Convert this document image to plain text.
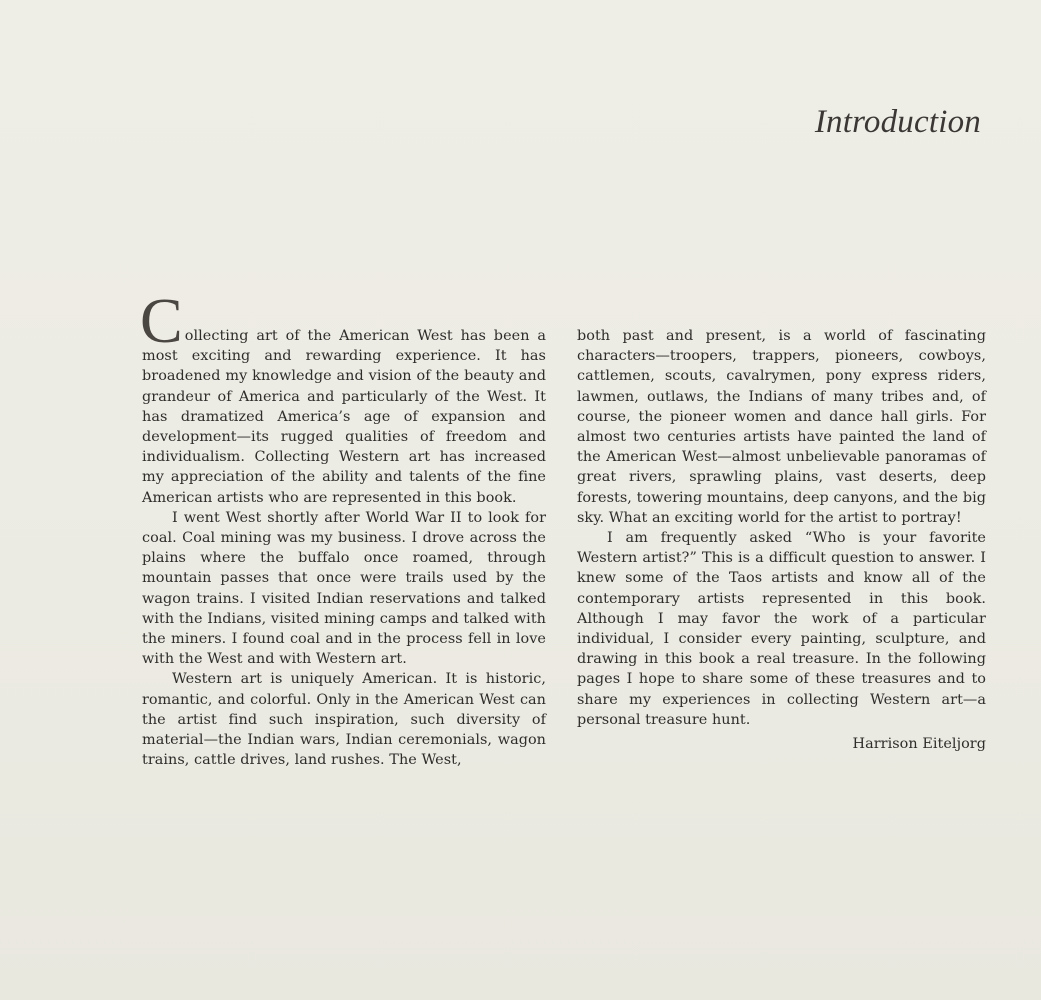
Introduction

Collecting art of the American West has been a most exciting and rewarding experience. It has broadened my knowledge and vision of the beauty and grandeur of America and particularly of the West. It has dramatized America’s age of expansion and development—its rugged qualities of freedom and individualism. Collecting Western art has increased my appreciation of the ability and talents of the fine American artists who are represented in this book.

I went West shortly after World War II to look for coal. Coal mining was my business. I drove across the plains where the buffalo once roamed, through mountain passes that once were trails used by the wagon trains. I visited Indian reservations and talked with the Indians, visited mining camps and talked with the miners. I found coal and in the process fell in love with the West and with Western art.

Western art is uniquely American. It is historic, romantic, and colorful. Only in the American West can the artist find such inspiration, such diversity of material—the Indian wars, Indian ceremonials, wagon trains, cattle drives, land rushes. The West,

both past and present, is a world of fascinating characters—troopers, trappers, pioneers, cowboys, cattlemen, scouts, cavalrymen, pony express riders, lawmen, outlaws, the Indians of many tribes and, of course, the pioneer women and dance hall girls. For almost two centuries artists have painted the land of the American West—almost unbelievable panoramas of great rivers, sprawling plains, vast deserts, deep forests, towering mountains, deep canyons, and the big sky. What an exciting world for the artist to portray!

I am frequently asked “Who is your favorite Western artist?” This is a difficult question to answer. I knew some of the Taos artists and know all of the contemporary artists represented in this book. Although I may favor the work of a particular individual, I consider every painting, sculpture, and drawing in this book a real treasure. In the following pages I hope to share some of these treasures and to share my experiences in collecting Western art—a personal treasure hunt.

Harrison Eiteljorg
